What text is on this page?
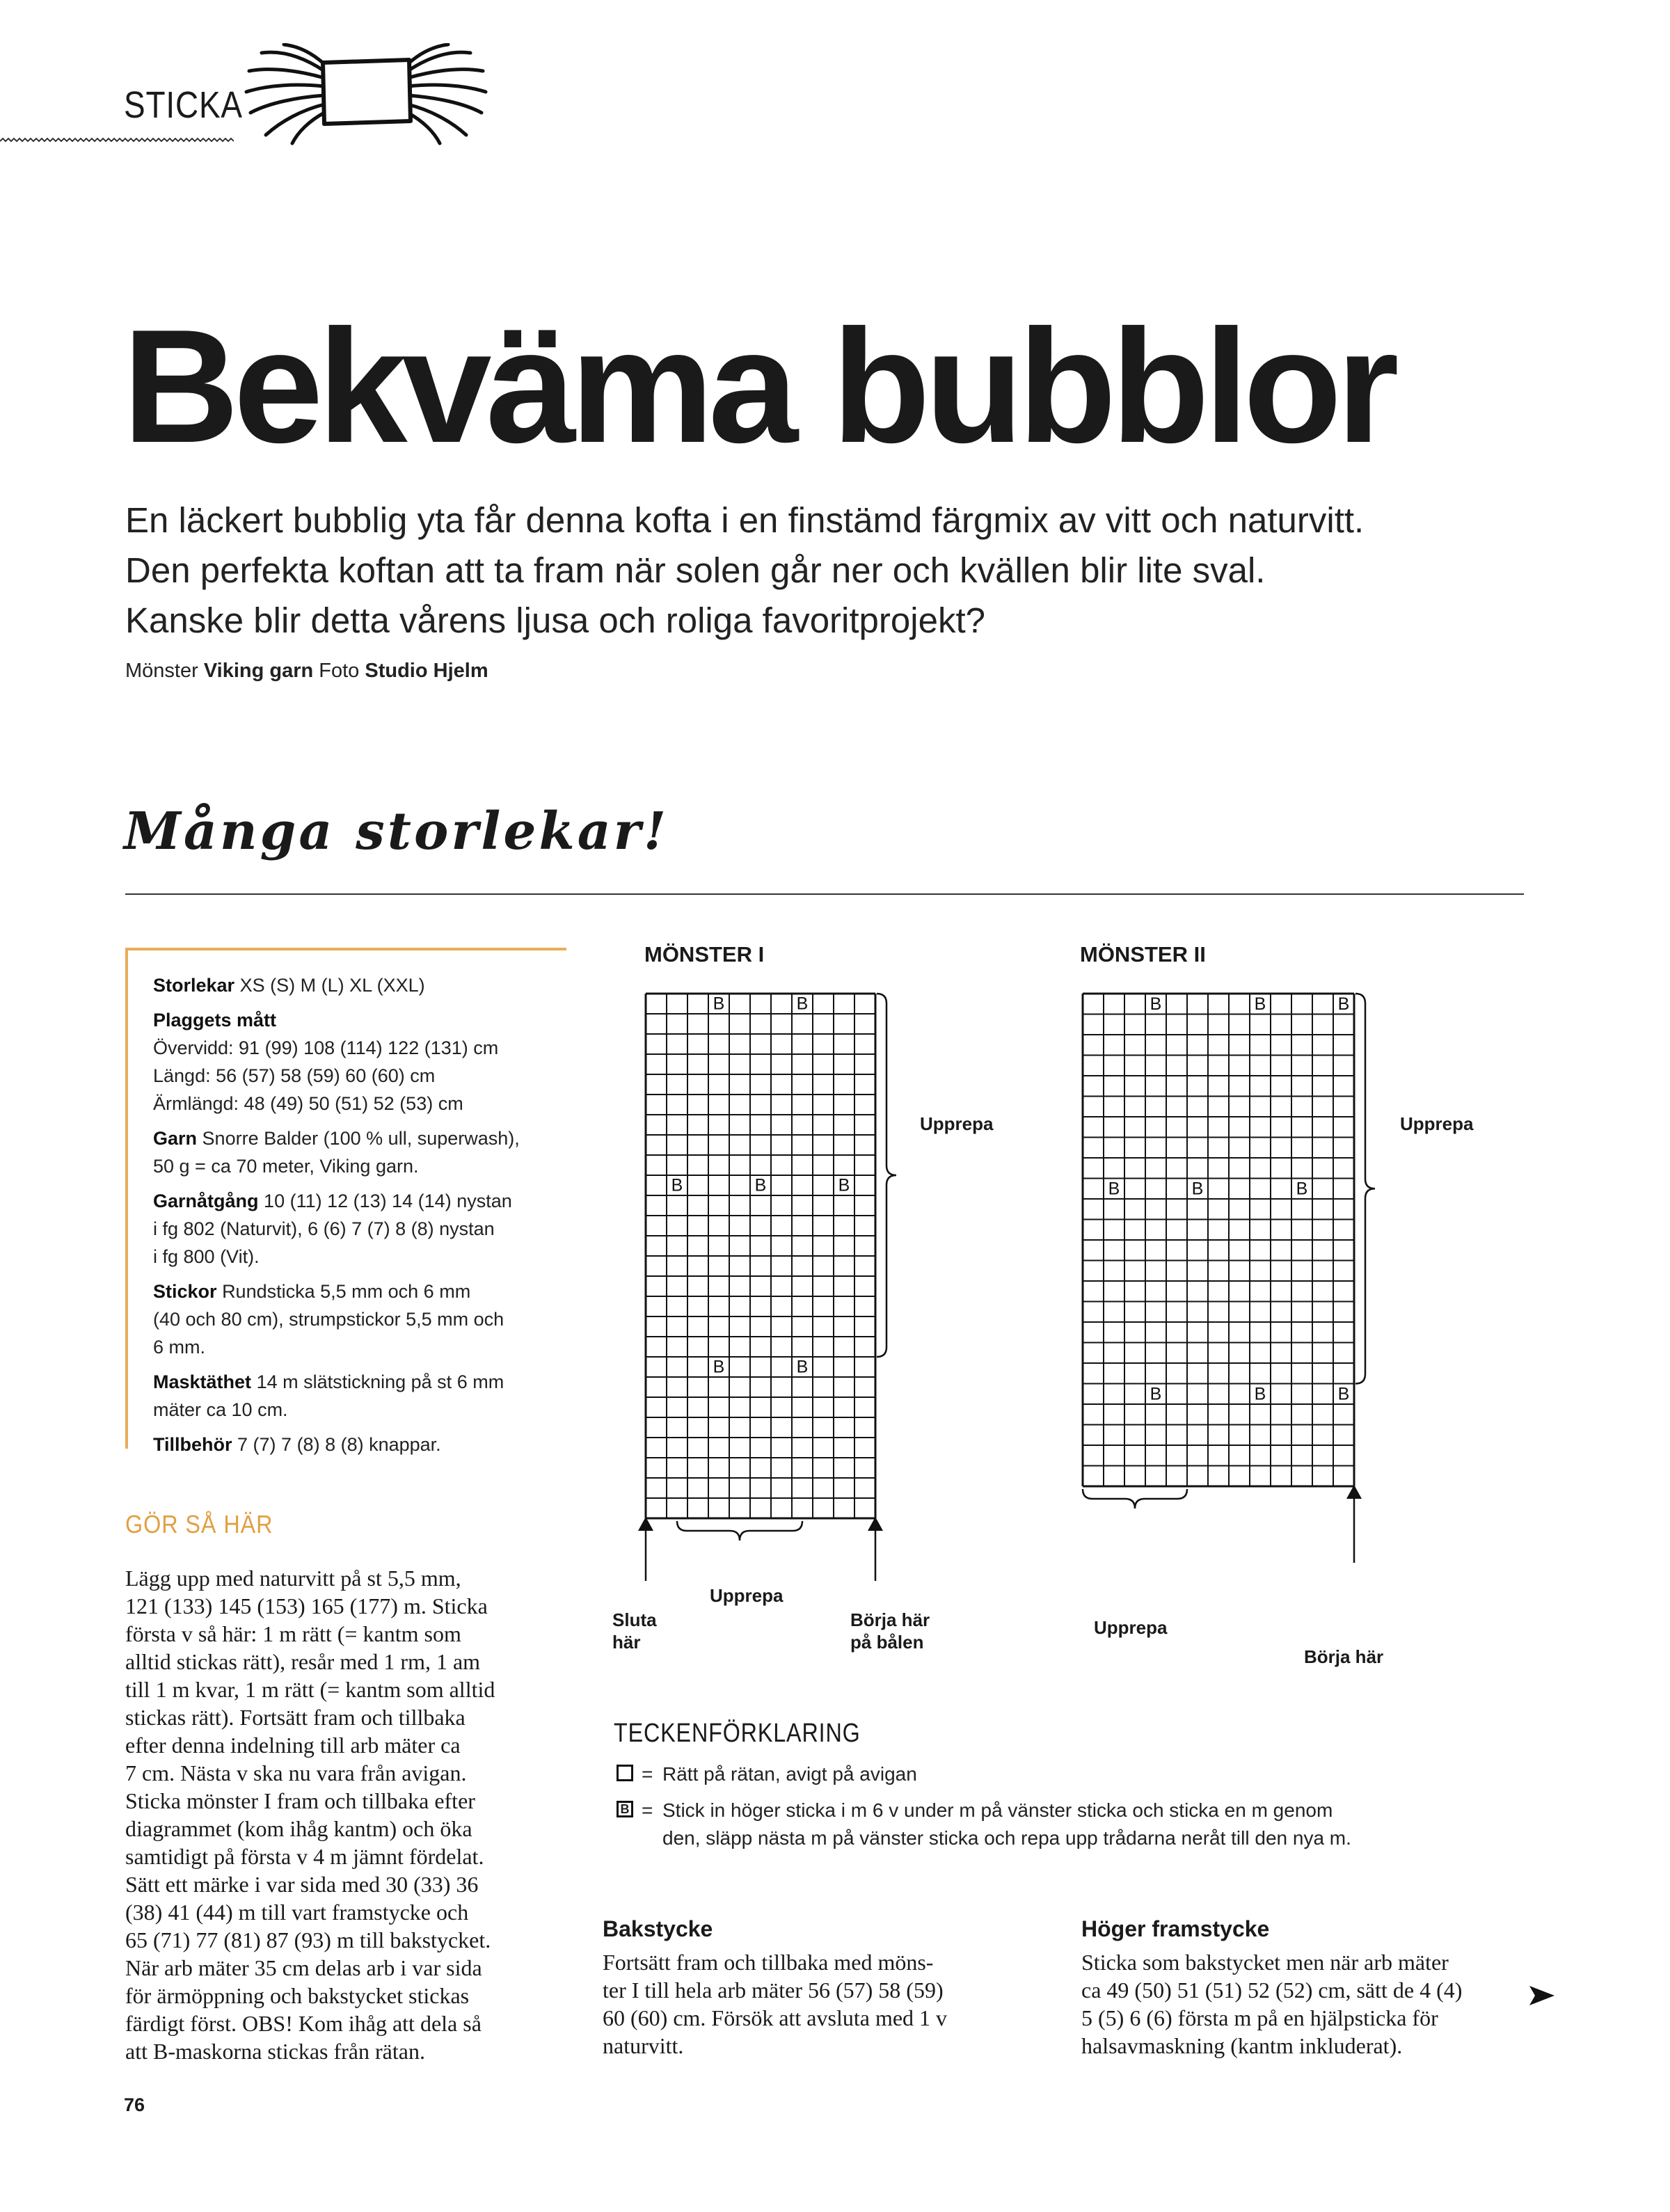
STICKA
Bekväma bubblor
En läckert bubblig yta får denna kofta i en finstämd färgmix av vitt och naturvitt.
Den perfekta koftan att ta fram när solen går ner och kvällen blir lite sval.
Kanske blir detta vårens ljusa och roliga favoritprojekt?
Mönster Viking garn Foto Studio Hjelm
Många storlekar!

Storlekar XS (S) M (L) XL (XXL)

Plaggets mått
Övervidd: 91 (99) 108 (114) 122 (131) cm
Längd: 56 (57) 58 (59) 60 (60) cm
Ärmlängd: 48 (49) 50 (51) 52 (53) cm

Garn Snorre Balder (100 % ull, superwash),
50 g = ca 70 meter, Viking garn.

Garnåtgång 10 (11) 12 (13) 14 (14) nystan
i fg 802 (Naturvit), 6 (6) 7 (7) 8 (8) nystan
i fg 800 (Vit).

Stickor Rundsticka 5,5 mm och 6 mm
(40 och 80 cm), strumpstickor 5,5 mm och
6 mm.

Masktäthet 14 m slätstickning på st 6 mm
mäter ca 10 cm.

Tillbehör 7 (7) 7 (8) 8 (8) knappar.

GÖR SÅ HÄR
Lägg upp med naturvitt på st 5,5 mm,
121 (133) 145 (153) 165 (177) m. Sticka
första v så här: 1 m rätt (= kantm som
alltid stickas rätt), resår med 1 rm, 1 am
till 1 m kvar, 1 m rätt (= kantm som alltid
stickas rätt). Fortsätt fram och tillbaka
efter denna indelning till arb mäter ca
7 cm. Nästa v ska nu vara från avigan.
Sticka mönster I fram och tillbaka efter
diagrammet (kom ihåg kantm) och öka
samtidigt på första v 4 m jämnt fördelat.
Sätt ett märke i var sida med 30 (33) 36
(38) 41 (44) m till vart framstycke och
65 (71) 77 (81) 87 (93) m till bakstycket.
När arb mäter 35 cm delas arb i var sida
för ärmöppning och bakstycket stickas
färdigt först. OBS! Kom ihåg att dela så
att B-maskorna stickas från rätan.
MÖNSTER I	MÖNSTER II
Upprepa
Upprepa
Sluta
här
Börja här
på bålen
Upprepa
Upprepa
Börja här
B	B
B	B	B
B	B
B	B	B
B	B	B
B	B	B
TECKENFÖRKLARING
= Rätt på rätan, avigt på avigan
B = Stick in höger sticka i m 6 v under m på vänster sticka och sticka en m genom
den, släpp nästa m på vänster sticka och repa upp trådarna neråt till den nya m.
Bakstycke
Fortsätt fram och tillbaka med möns-
ter I till hela arb mäter 56 (57) 58 (59)
60 (60) cm. Försök att avsluta med 1 v
naturvitt.
Höger framstycke
Sticka som bakstycket men när arb mäter
ca 49 (50) 51 (51) 52 (52) cm, sätt de 4 (4)
5 (5) 6 (6) första m på en hjälpsticka för
halsavmaskning (kantm inkluderat).
76
